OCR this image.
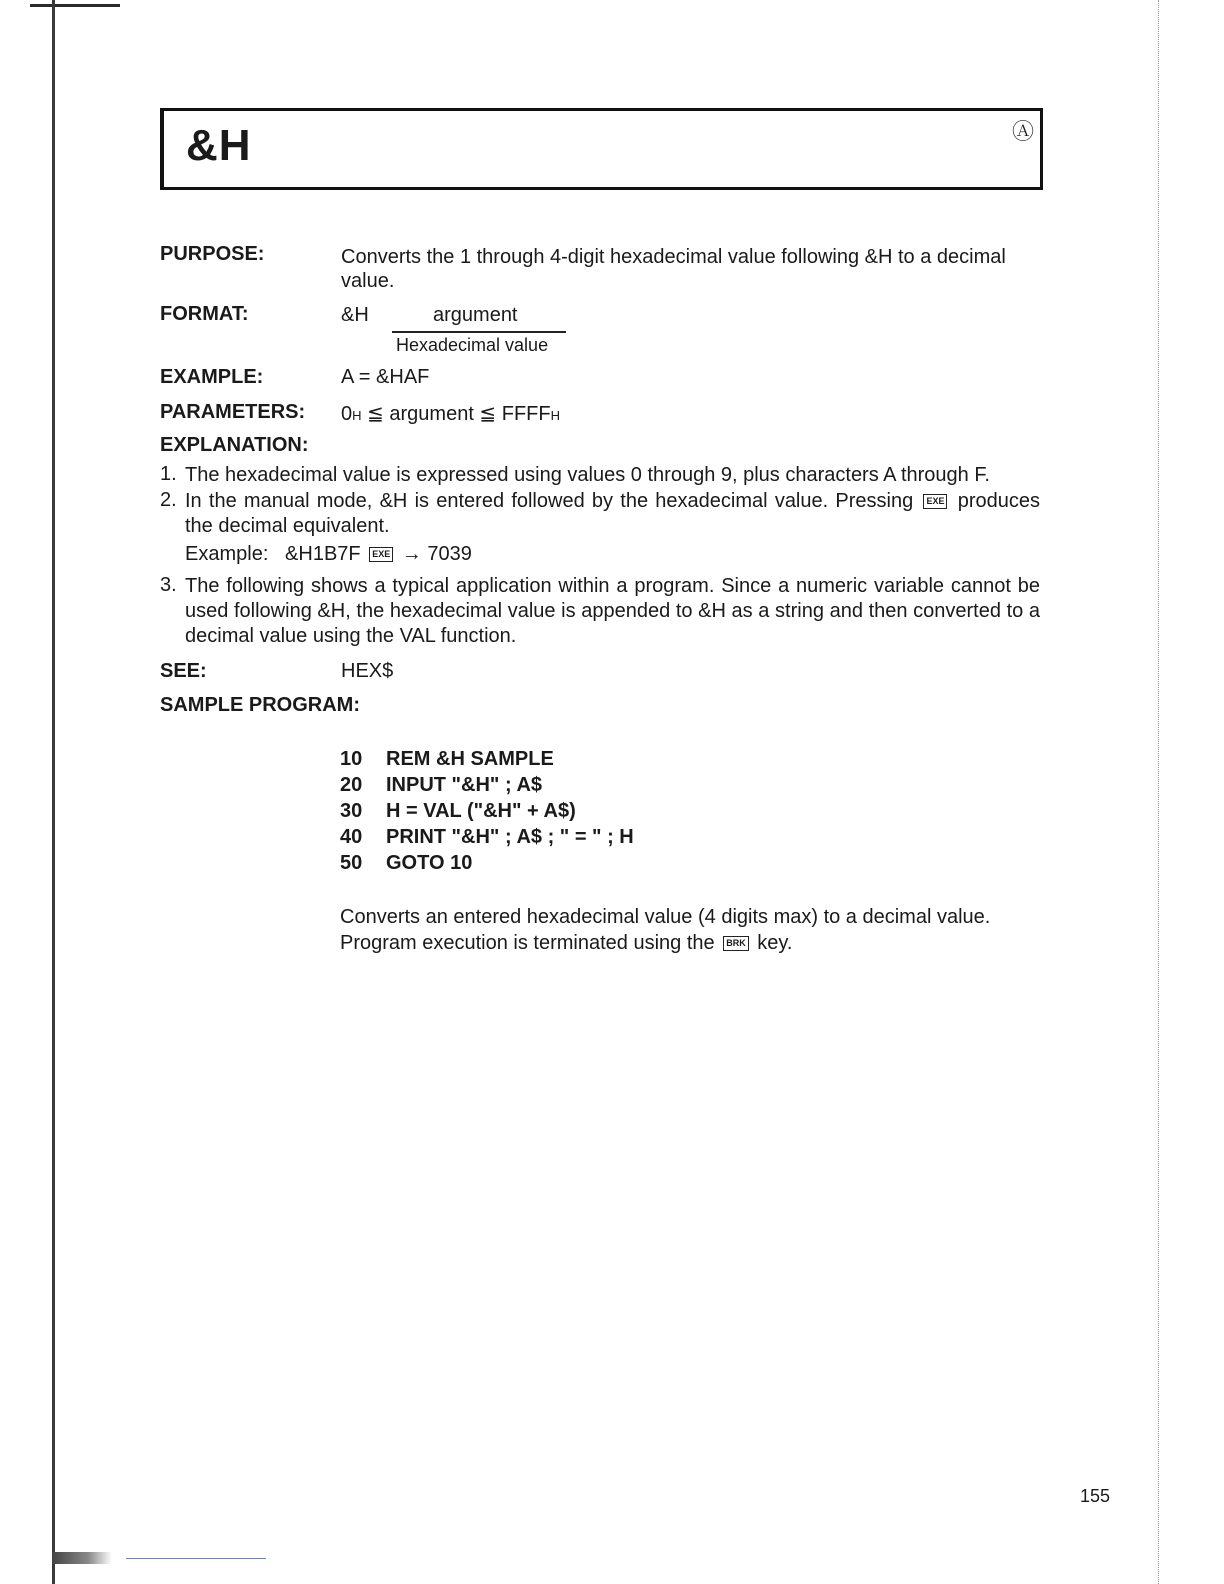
&H	Ⓐ
PURPOSE:	Converts the 1 through 4-digit hexadecimal value following &H to a decimal value.
FORMAT:	&H	argument
Hexadecimal value
EXAMPLE:	A = &HAF
PARAMETERS: 0H ≦ argument ≦ FFFFH
EXPLANATION:
1. The hexadecimal value is expressed using values 0 through 9, plus characters A through F.
2. In the manual mode, &H is entered followed by the hexadecimal value. Pressing EXE produces the decimal equivalent.
Example: &H1B7F EXE → 7039
3. The following shows a typical application within a program. Since a numeric variable cannot be used following &H, the hexadecimal value is appended to &H as a string and then converted to a decimal value using the VAL function.
SEE:	HEX$
SAMPLE PROGRAM:
10 REM &H SAMPLE
20 INPUT "&H" ; A$
30 H = VAL ("&H" + A$)
40 PRINT "&H" ; A$ ; " = " ; H
50 GOTO 10
Converts an entered hexadecimal value (4 digits max) to a decimal value.
Program execution is terminated using the BRK key.
155
